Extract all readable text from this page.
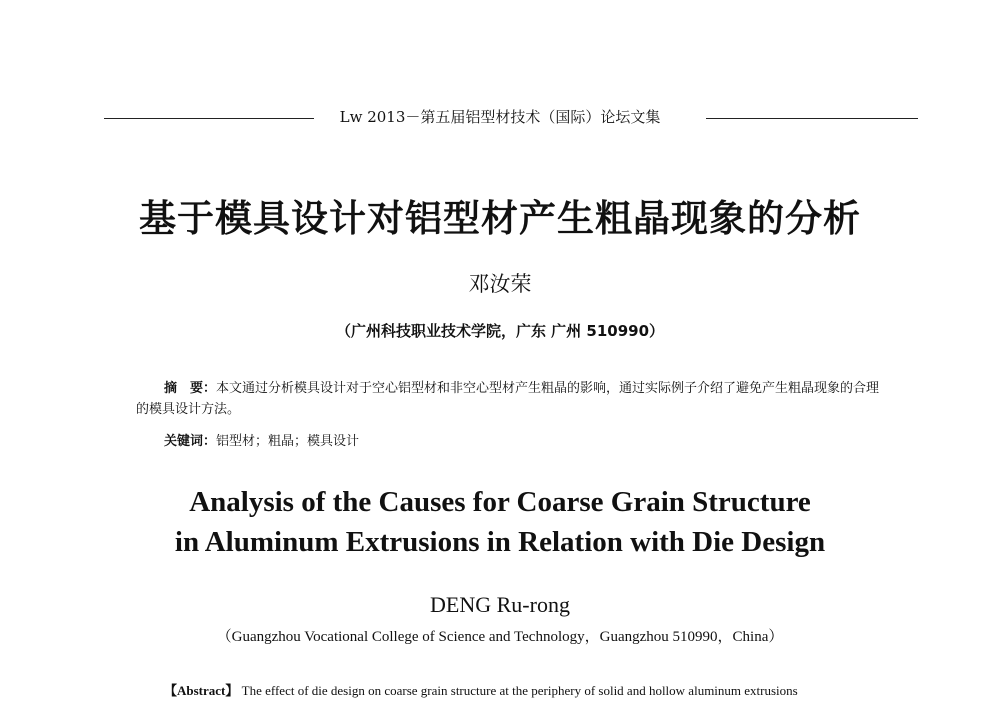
Lw 2013－第五届铝型材技术（国际）论坛文集
基于模具设计对铝型材产生粗晶现象的分析
邓汝荣
（广州科技职业技术学院，广东 广州 510990）
摘　要：本文通过分析模具设计对于空心铝型材和非空心型材产生粗晶的影响，通过实际例子介绍了避免产生粗晶现象的合理的模具设计方法。
关键词：铝型材；粗晶；模具设计
Analysis of the Causes for Coarse Grain Structure
in Aluminum Extrusions in Relation with Die Design
DENG Ru-rong
（Guangzhou Vocational College of Science and Technology，Guangzhou 510990，China）
【Abstract】 The effect of die design on coarse grain structure at the periphery of solid and hollow aluminum extrusions
